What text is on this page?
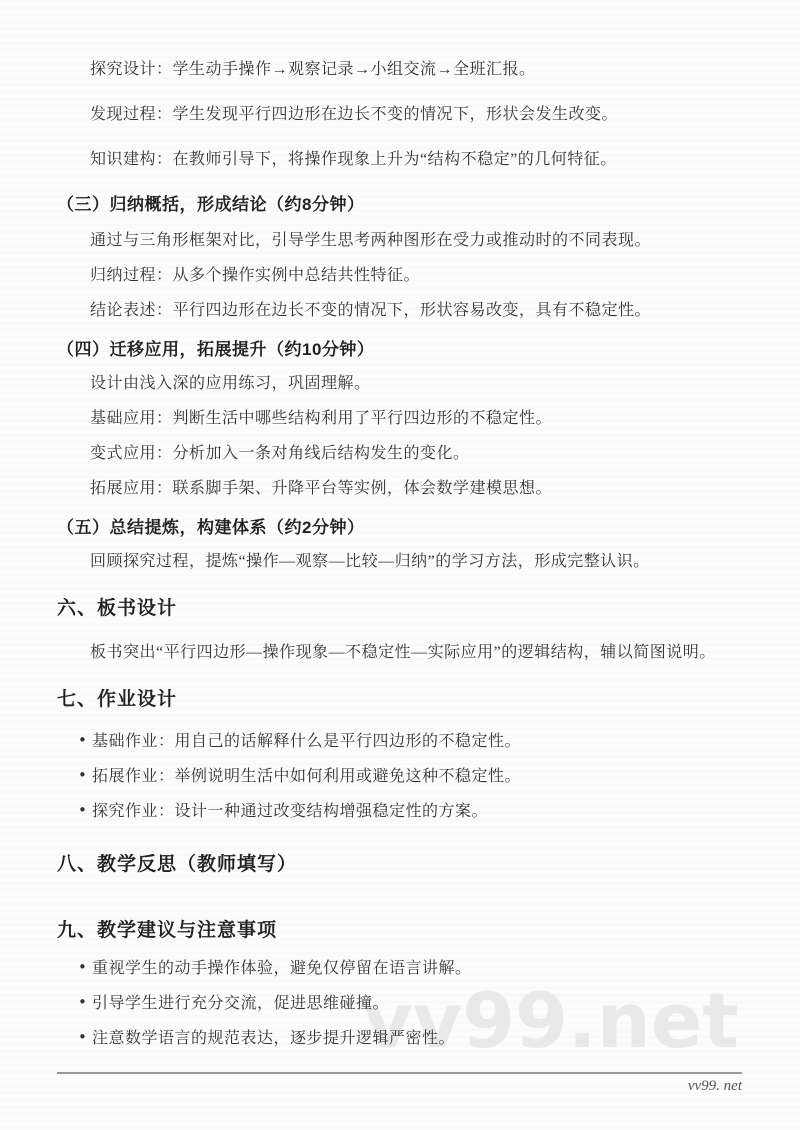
vv99.net

探究设计：学生动手操作→观察记录→小组交流→全班汇报。

发现过程：学生发现平行四边形在边长不变的情况下，形状会发生改变。

知识建构：在教师引导下，将操作现象上升为“结构不稳定”的几何特征。

（三）归纳概括，形成结论（约8分钟）

通过与三角形框架对比，引导学生思考两种图形在受力或推动时的不同表现。

归纳过程：从多个操作实例中总结共性特征。

结论表述：平行四边形在边长不变的情况下，形状容易改变，具有不稳定性。

（四）迁移应用，拓展提升（约10分钟）

设计由浅入深的应用练习，巩固理解。

基础应用：判断生活中哪些结构利用了平行四边形的不稳定性。

变式应用：分析加入一条对角线后结构发生的变化。

拓展应用：联系脚手架、升降平台等实例，体会数学建模思想。

（五）总结提炼，构建体系（约2分钟）

回顾探究过程，提炼“操作—观察—比较—归纳”的学习方法，形成完整认识。

六、板书设计

板书突出“平行四边形—操作现象—不稳定性—实际应用”的逻辑结构，辅以简图说明。

七、作业设计
• 基础作业：用自己的话解释什么是平行四边形的不稳定性。
• 拓展作业：举例说明生活中如何利用或避免这种不稳定性。
• 探究作业：设计一种通过改变结构增强稳定性的方案。
八、教学反思（教师填写）
九、教学建议与注意事项
• 重视学生的动手操作体验，避免仅停留在语言讲解。
• 引导学生进行充分交流，促进思维碰撞。
• 注意数学语言的规范表达，逐步提升逻辑严密性。
vv99. net
